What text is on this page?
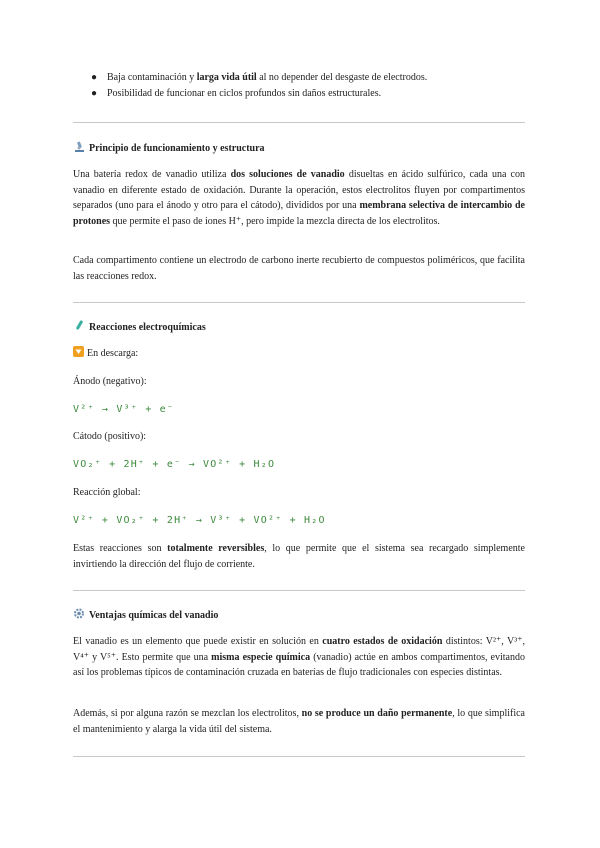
● Baja contaminación y larga vida útil al no depender del desgaste de electrodos.
● Posibilidad de funcionar en ciclos profundos sin daños estructurales.
Principio de funcionamiento y estructura

Una batería redox de vanadio utiliza dos soluciones de vanadio disueltas en ácido sulfúrico, cada una con vanadio en diferente estado de oxidación. Durante la operación, estos electrolitos fluyen por compartimentos separados (uno para el ánodo y otro para el cátodo), divididos por una membrana selectiva de intercambio de protones que permite el paso de iones H⁺, pero impide la mezcla directa de los electrolitos.

Cada compartimento contiene un electrodo de carbono inerte recubierto de compuestos poliméricos, que facilita las reacciones redox.

Reacciones electroquímicas
En descarga:
Ánodo (negativo):
V²⁺ → V³⁺ + e⁻
Cátodo (positivo):
VO₂⁺ + 2H⁺ + e⁻ → VO²⁺ + H₂O
Reacción global:
V²⁺ + VO₂⁺ + 2H⁺ → V³⁺ + VO²⁺ + H₂O

Estas reacciones son totalmente reversibles, lo que permite que el sistema sea recargado simplemente invirtiendo la dirección del flujo de corriente.

Ventajas químicas del vanadio

El vanadio es un elemento que puede existir en solución en cuatro estados de oxidación distintos: V²⁺, V³⁺, V⁴⁺ y V⁵⁺. Esto permite que una misma especie química (vanadio) actúe en ambos compartimentos, evitando así los problemas típicos de contaminación cruzada en baterías de flujo tradicionales con especies distintas.

Además, si por alguna razón se mezclan los electrolitos, no se produce un daño permanente, lo que simplifica el mantenimiento y alarga la vida útil del sistema.
